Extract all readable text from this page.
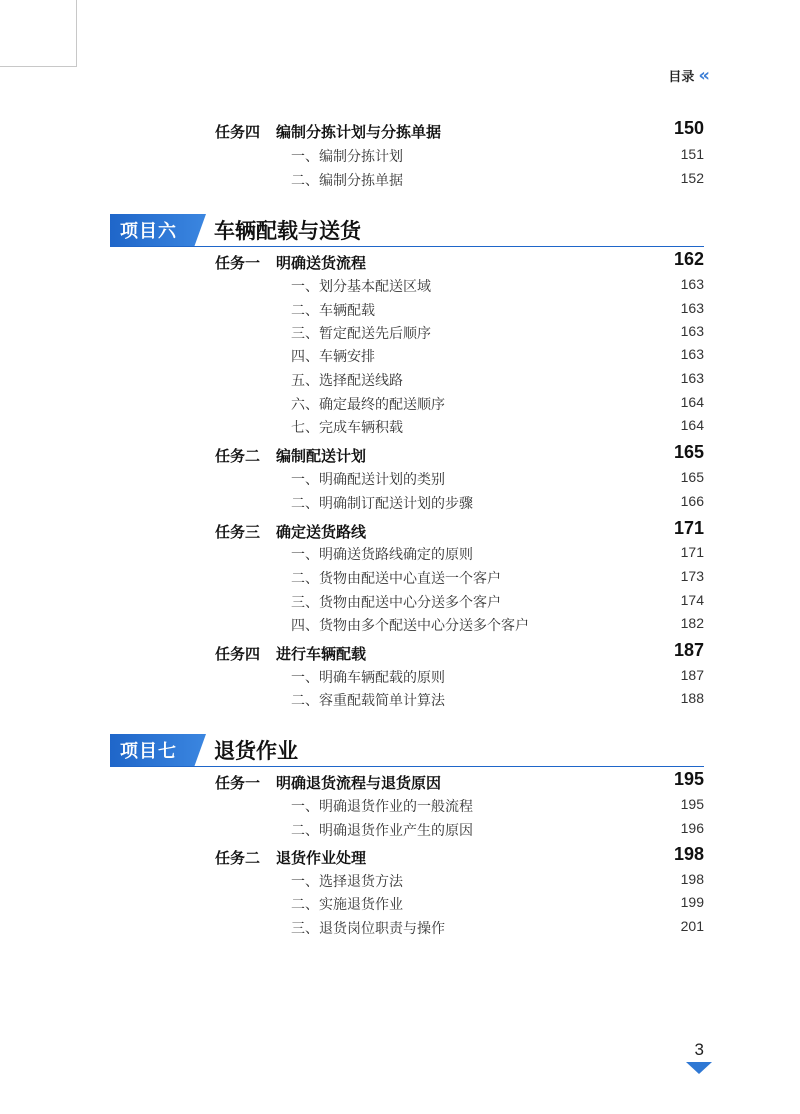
目录 «
任务四 编制分拣计划与分拣单据	150
一、编制分拣计划	151
二、编制分拣单据	152
项目六 车辆配载与送货
任务一 明确送货流程	162
一、划分基本配送区域	163
二、车辆配载	163
三、暂定配送先后顺序	163
四、车辆安排	163
五、选择配送线路	163
六、确定最终的配送顺序	164
七、完成车辆积载	164
任务二 编制配送计划	165
一、明确配送计划的类别	165
二、明确制订配送计划的步骤	166
任务三 确定送货路线	171
一、明确送货路线确定的原则	171
二、货物由配送中心直送一个客户	173
三、货物由配送中心分送多个客户	174
四、货物由多个配送中心分送多个客户	182
任务四 进行车辆配载	187
一、明确车辆配载的原则	187
二、容重配载简单计算法	188
项目七 退货作业
任务一 明确退货流程与退货原因	195
一、明确退货作业的一般流程	195
二、明确退货作业产生的原因	196
任务二 退货作业处理	198
一、选择退货方法	198
二、实施退货作业	199
三、退货岗位职责与操作	201
3
